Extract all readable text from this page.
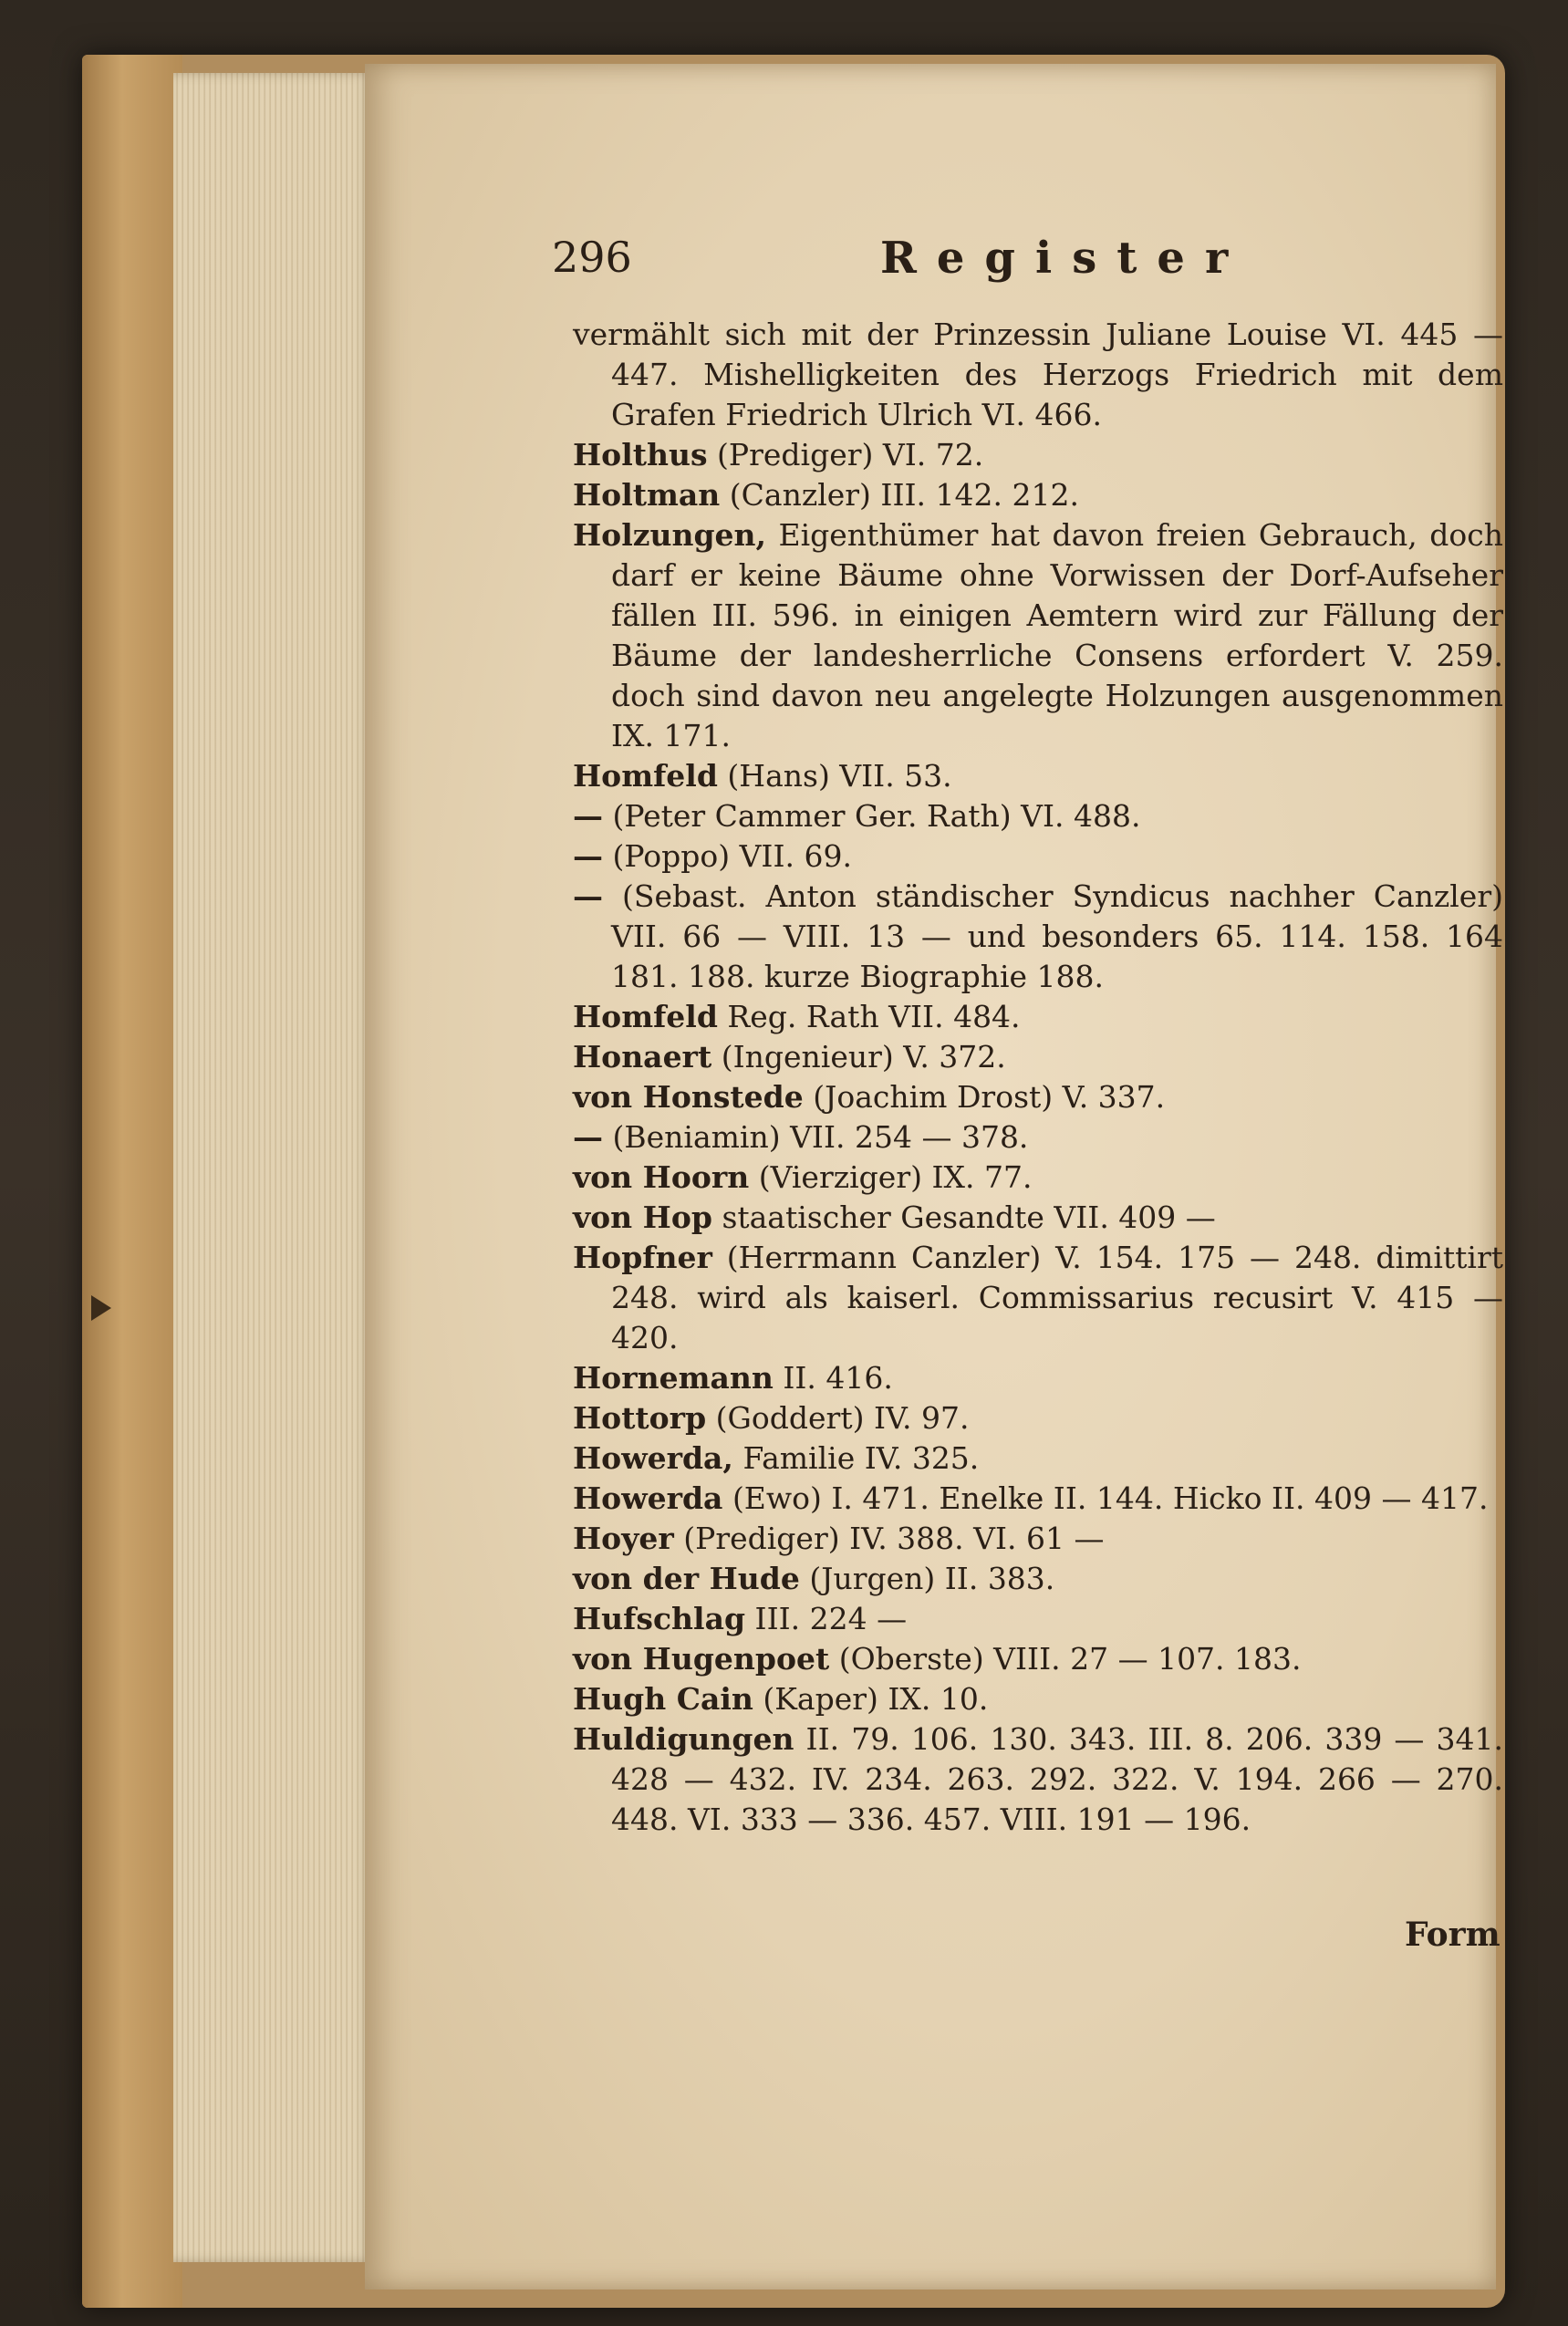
296	Register

vermählt sich mit der Prinzessin Juliane Louise VI. 445 — 447. Mishelligkeiten des Herzogs Friedrich mit dem Grafen Friedrich Ulrich VI. 466.

Holthus (Prediger) VI. 72.

Holtman (Canzler) III. 142. 212.

Holzungen, Eigenthümer hat davon freien Gebrauch, doch darf er keine Bäume ohne Vorwissen der Dorf-Aufseher fällen III. 596. in einigen Aemtern wird zur Fällung der Bäume der landesherrliche Consens erfordert V. 259. doch sind davon neu angelegte Holzungen ausgenommen IX. 171.

Homfeld (Hans) VII. 53.

— (Peter Cammer Ger. Rath) VI. 488.

— (Poppo) VII. 69.

— (Sebast. Anton ständischer Syndicus nachher Canzler) VII. 66 — VIII. 13 — und besonders 65. 114. 158. 164 181. 188. kurze Biographie 188.

Homfeld Reg. Rath VII. 484.

Honaert (Ingenieur) V. 372.

von Honstede (Joachim Drost) V. 337.

— (Beniamin) VII. 254 — 378.

von Hoorn (Vierziger) IX. 77.

von Hop staatischer Gesandte VII. 409 —

Hopfner (Herrmann Canzler) V. 154. 175 — 248. dimittirt 248. wird als kaiserl. Commissarius recusirt V. 415 — 420.

Hornemann II. 416.

Hottorp (Goddert) IV. 97.

Howerda, Familie IV. 325.

Howerda (Ewo) I. 471. Enelke II. 144. Hicko II. 409 — 417.

Hoyer (Prediger) IV. 388. VI. 61 —

von der Hude (Jurgen) II. 383.

Hufschlag III. 224 —

von Hugenpoet (Oberste) VIII. 27 — 107. 183.

Hugh Cain (Kaper) IX. 10.

Huldigungen II. 79. 106. 130. 343. III. 8. 206. 339 — 341. 428 — 432. IV. 234. 263. 292. 322. V. 194. 266 — 270. 448. VI. 333 — 336. 457. VIII. 191 — 196.

Form
